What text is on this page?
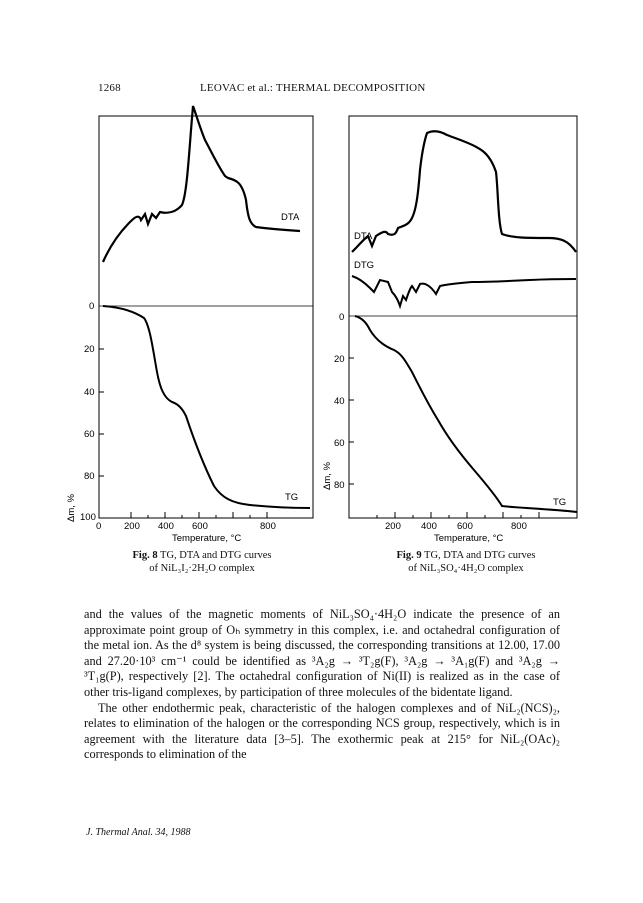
1268	LEOVAC et al.: THERMAL DECOMPOSITION
DTA
TG
0
20
40
60
80
100
0 200 400 600	800
Temperature, °C
Δm, %
DTA
DTG
TG
0
20
40
60
80
200 400 600	800
Temperature, °C
Δm, %
Fig. 8 TG, DTA and DTG curves
of NiL₃I₂·2H₂O complex
Fig. 9 TG, DTA and DTG curves
of NiL₃SO₄·4H₂O complex

and the values of the magnetic moments of NiL₃SO₄·4H₂O indicate the presence of an approximate point group of Oₕ symmetry in this complex, i.e. and octahedral configuration of the metal ion. As the d⁸ system is being discussed, the corresponding transitions at 12.00, 17.00 and 27.20·10³ cm⁻¹ could be identified as ³A₂g → ³T₂g(F), ³A₂g → ³A₁g(F) and ³A₂g → ³T₁g(P), respectively [2]. The octahedral configuration of Ni(II) is realized as in the case of other tris-ligand complexes, by participation of three molecules of the bidentate ligand.

The other endothermic peak, characteristic of the halogen complexes and of NiL₂(NCS)₂, relates to elimination of the halogen or the corresponding NCS group, respectively, which is in agreement with the literature data [3–5]. The exothermic peak at 215° for NiL₂(OAc)₂ corresponds to elimination of the

J. Thermal Anal. 34, 1988
